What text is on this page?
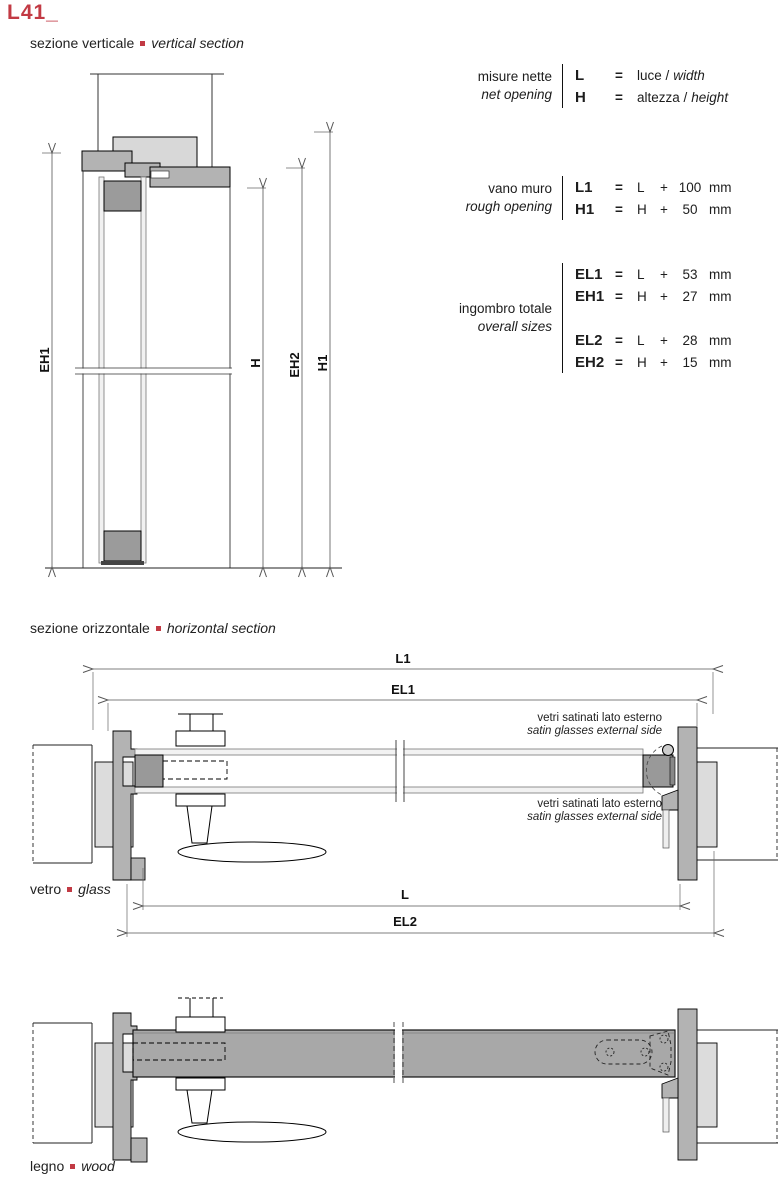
L41_
sezione verticale vertical section
EH1	H EH2 H1
misure nette
net opening
L	=	luce / width
H	=	altezza / height
vano muro
rough opening
L1	=	L	+ 100 mm
H1	=	H +	50 mm
ingombro totale
overall sizes
EL1 =	L	+	53 mm
EH1 =	H +	27 mm
EL2 =	L	+	28 mm
EH2 =	H +	15 mm
sezione orizzontale horizontal section
L1
EL1
vetri satinati lato esterno
satin glasses external side
vetri satinati lato esterno
satin glasses external side
L
EL2
vetro glass
legno wood
